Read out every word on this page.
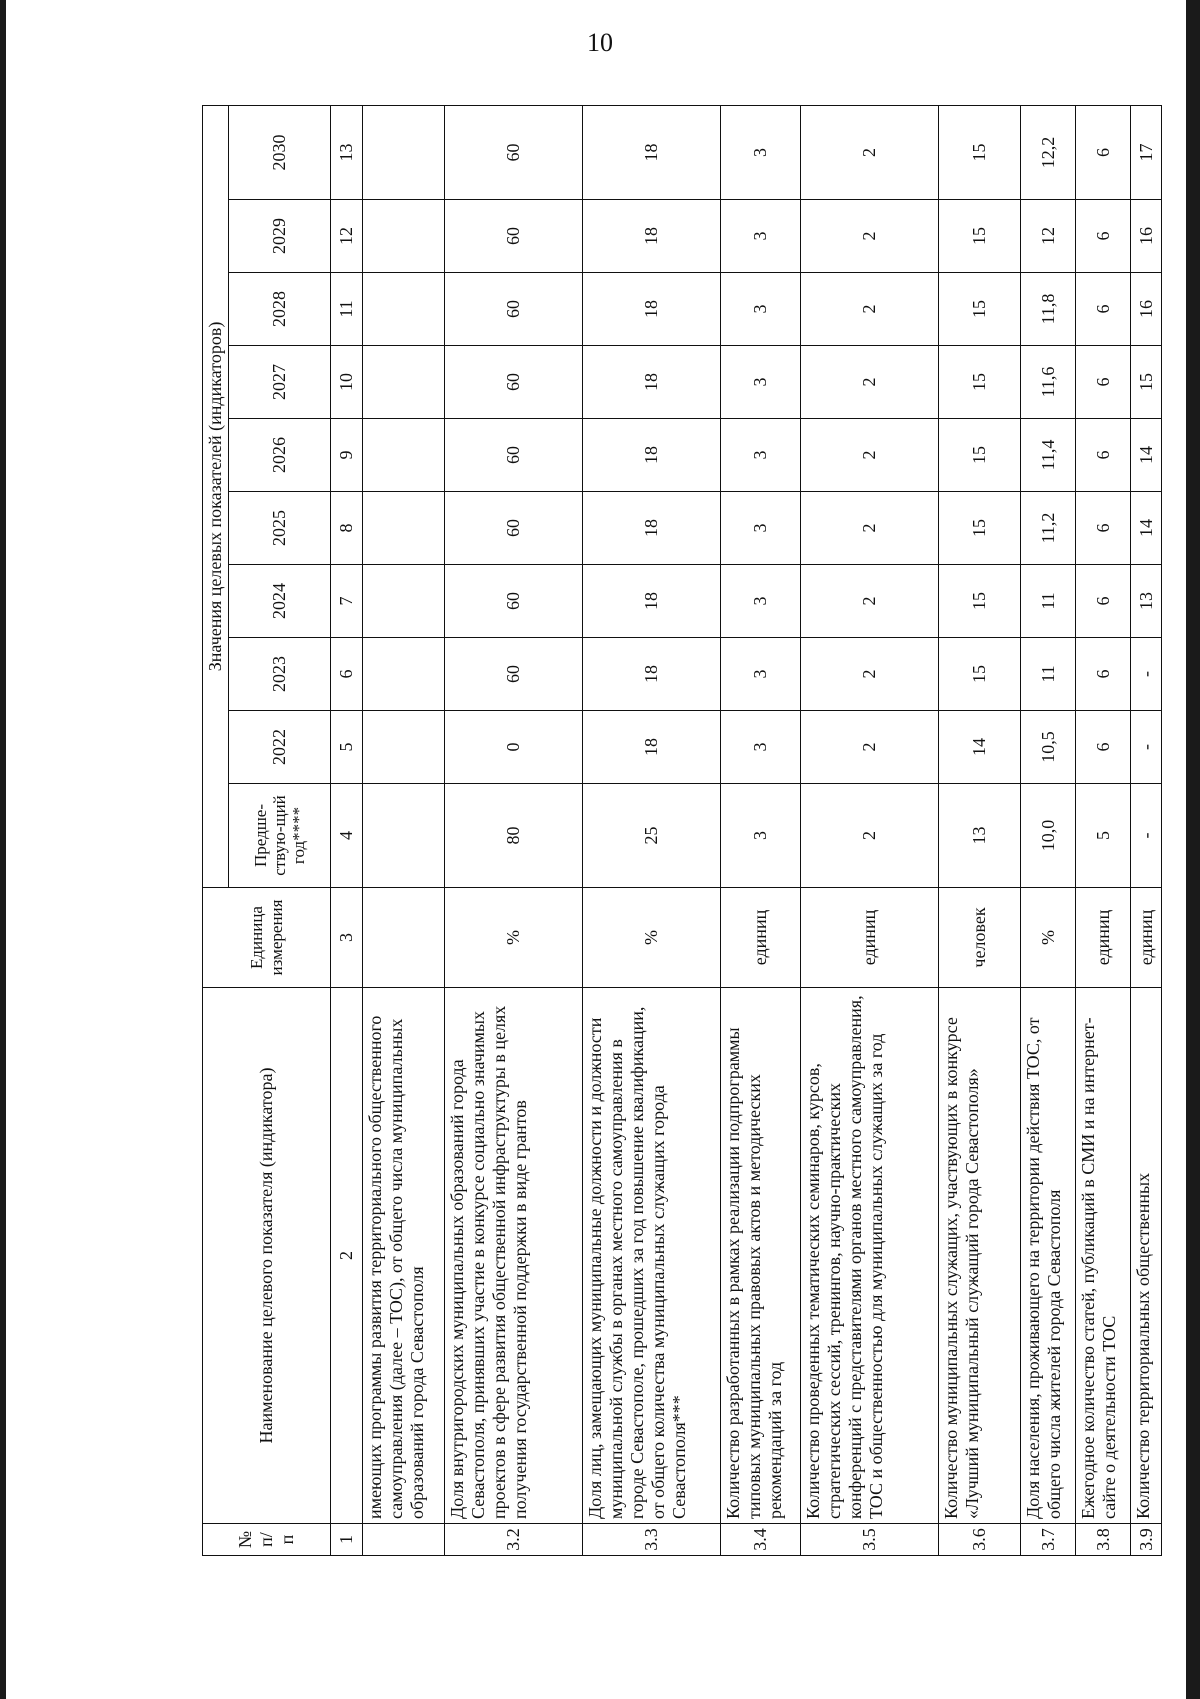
10
№ п/п	Наименование целевого показателя (индикатора)	Единица измерения	Значения целевых показателей (индикаторов)									
			Предше-ствую-щий год****	2022	2023	2024	2025	2026	2027	2028	2029	2030
1	2	3	4	5	6	7	8	9	10	11	12	13
	имеющих программы развития территориального общественного самоуправления (далее – ТОС), от общего числа муниципальных образований города Севастополя											
3.2	Доля внутригородских муниципальных образований города Севастополя, принявших участие в конкурсе социально значимых проектов в сфере развития общественной инфраструктуры в целях получения государственной поддержки в виде грантов	%	80	0	60	60	60	60	60	60	60	60
3.3	Доля лиц, замещающих муниципальные должности и должности муниципальной службы в органах местного самоуправления в городе Севастополе, прошедших за год повышение квалификации, от общего количества муниципальных служащих города Севастополя***	%	25	18	18	18	18	18	18	18	18	18
3.4	Количество разработанных в рамках реализации подпрограммы типовых муниципальных правовых актов и методических рекомендаций за год	единиц	3	3	3	3	3	3	3	3	3	3
3.5	Количество проведенных тематических семинаров, курсов, стратегических сессий, тренингов, научно-практических конференций с представителями органов местного самоуправления, ТОС и общественностью для муниципальных служащих за год	единиц	2	2	2	2	2	2	2	2	2	2
3.6	Количество муниципальных служащих, участвующих в конкурсе «Лучший муниципальный служащий города Севастополя»	человек	13	14	15	15	15	15	15	15	15	15
3.7	Доля населения, проживающего на территории действия ТОС, от общего числа жителей города Севастополя	%	10,0	10,5	11	11	11,2	11,4	11,6	11,8	12	12,2
3.8	Ежегодное количество статей, публикаций в СМИ и на интернет-сайте о деятельности ТОС	единиц	5	6	6	6	6	6	6	6	6	6
3.9	Количество территориальных общественных	единиц	-	-	-	13	14	14	15	16	16	17
